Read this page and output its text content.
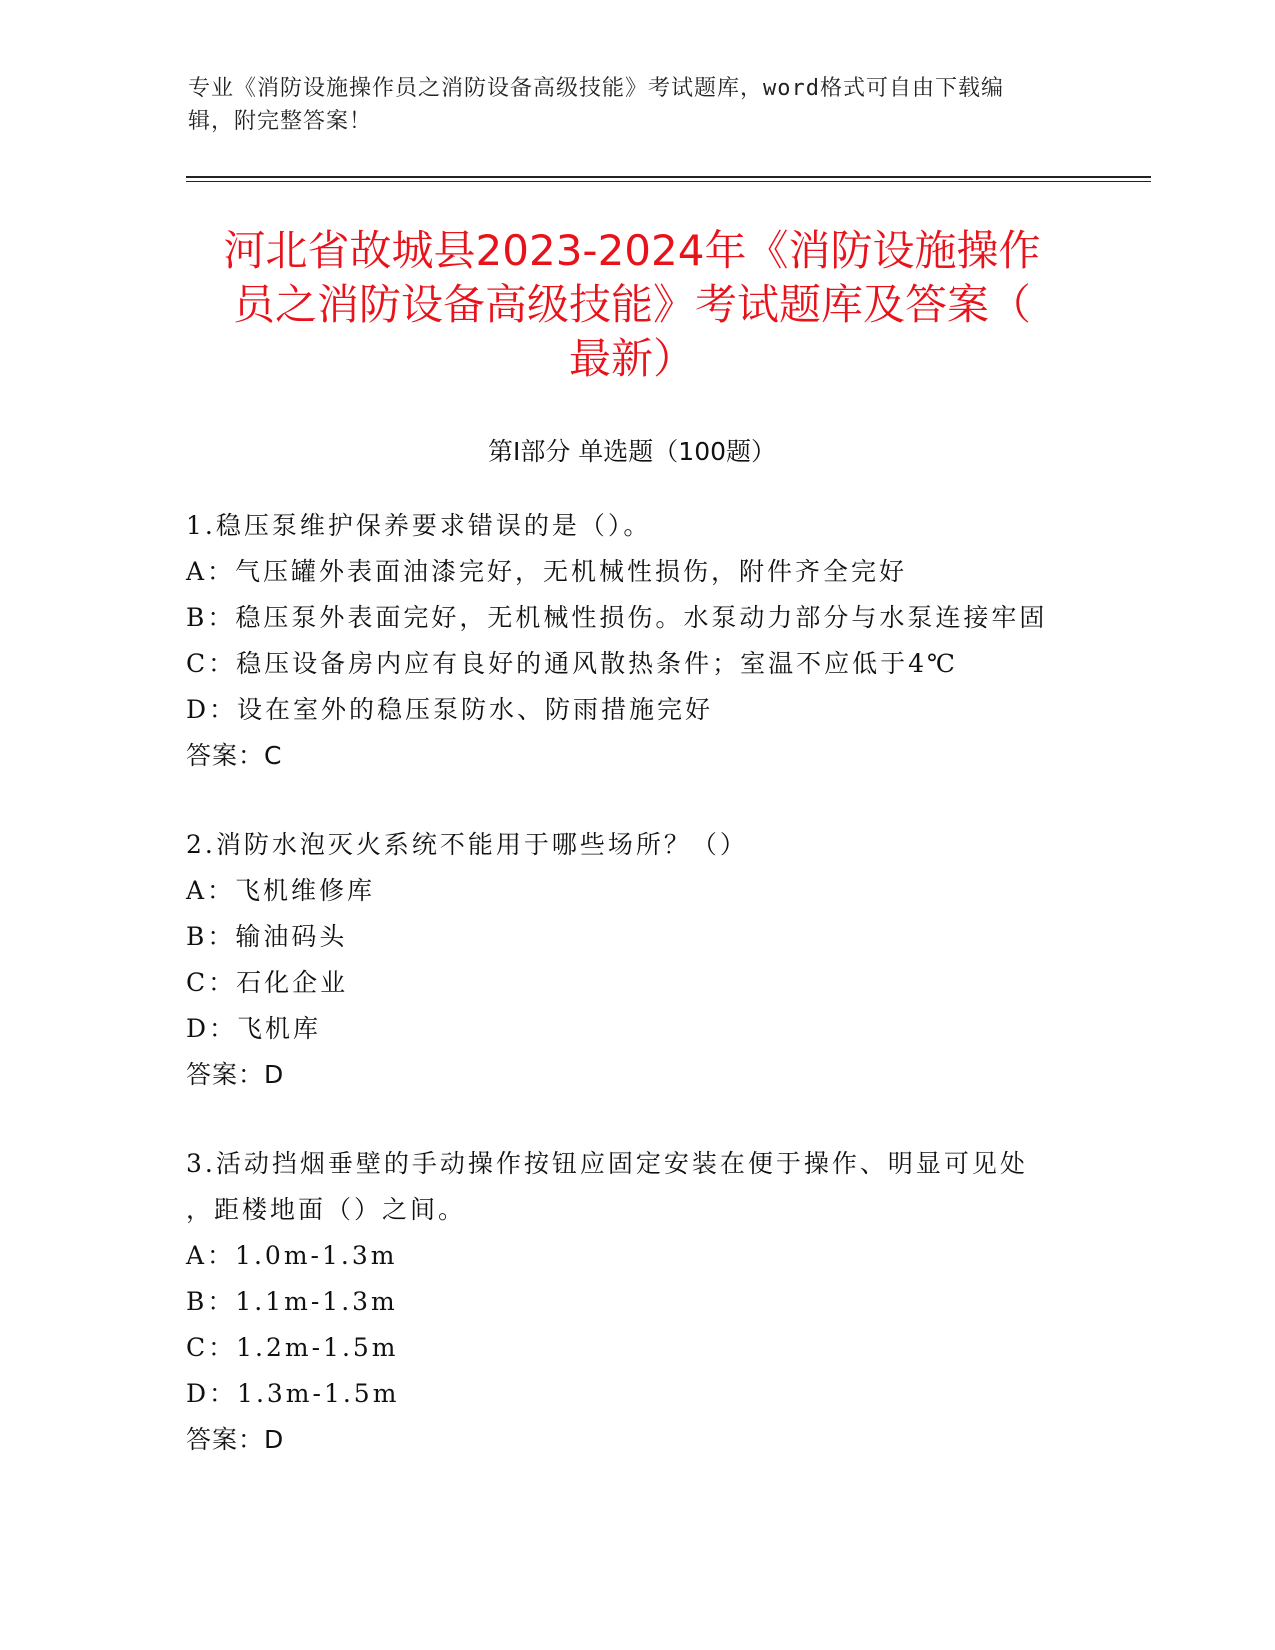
专业《消防设施操作员之消防设备高级技能》考试题库，word格式可自由下载编
辑，附完整答案！
河北省故城县2023-2024年《消防设施操作
员之消防设备高级技能》考试题库及答案（
最新）
第Ⅰ部分 单选题（100题）
1.稳压泵维护保养要求错误的是（）。
A：气压罐外表面油漆完好，无机械性损伤，附件齐全完好
B：稳压泵外表面完好，无机械性损伤。水泵动力部分与水泵连接牢固
C：稳压设备房内应有良好的通风散热条件；室温不应低于4℃
D：设在室外的稳压泵防水、防雨措施完好
答案：C
2.消防水泡灭火系统不能用于哪些场所？（）
A：飞机维修库
B：输油码头
C：石化企业
D：飞机库
答案：D
3.活动挡烟垂壁的手动操作按钮应固定安装在便于操作、明显可见处
，距楼地面（）之间。
A：1.0m-1.3m
B：1.1m-1.3m
C：1.2m-1.5m
D：1.3m-1.5m
答案：D
